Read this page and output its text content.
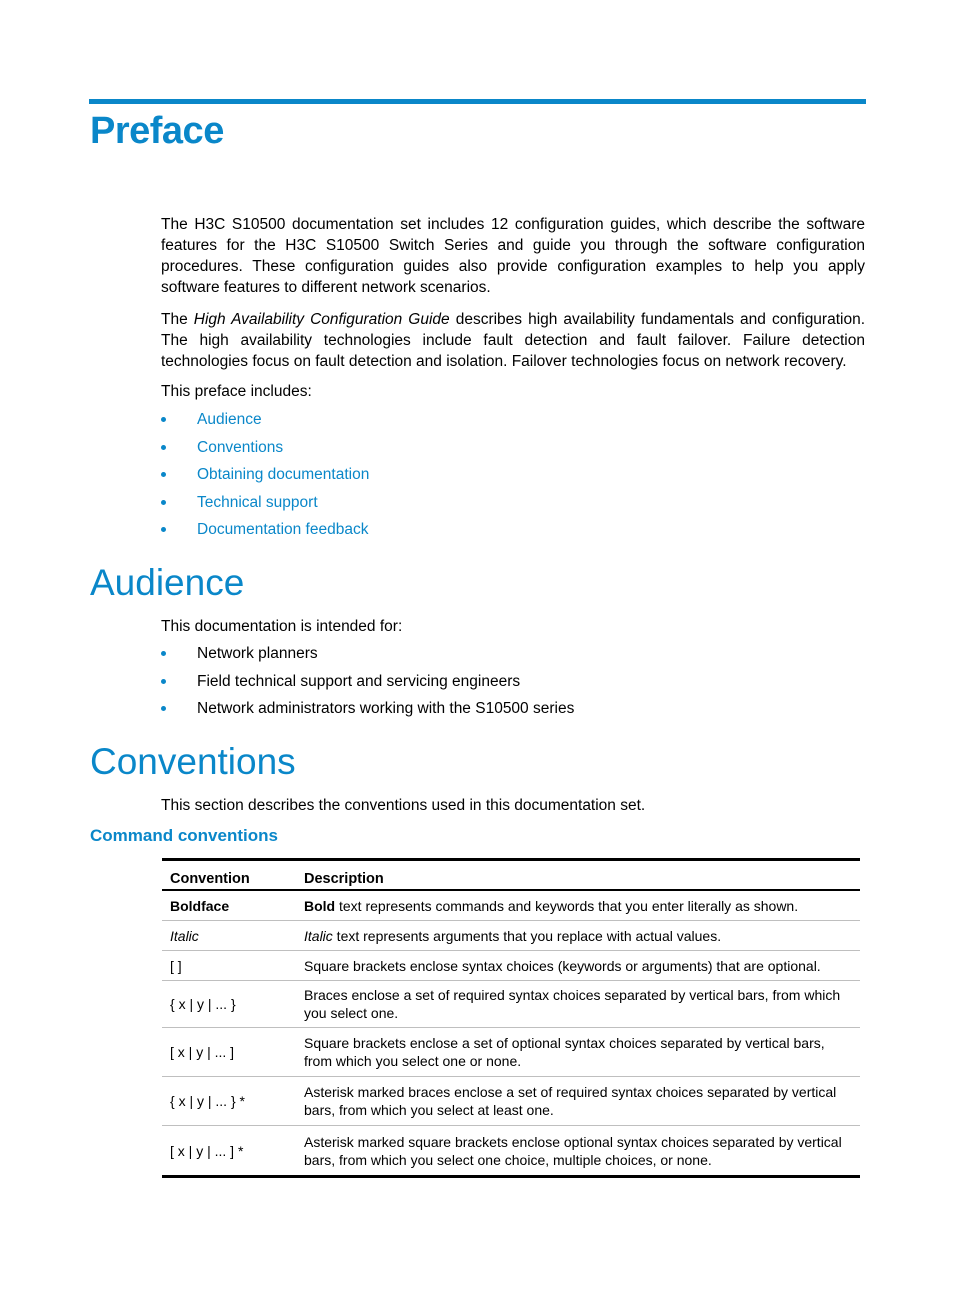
Preface

The H3C S10500 documentation set includes 12 configuration guides, which describe the software features for the H3C S10500 Switch Series and guide you through the software configuration procedures. These configuration guides also provide configuration examples to help you apply software features to different network scenarios.

The High Availability Configuration Guide describes high availability fundamentals and configuration. The high availability technologies include fault detection and fault failover. Failure detection technologies focus on fault detection and isolation. Failover technologies focus on network recovery.

This preface includes:

Audience
Conventions
Obtaining documentation
Technical support
Documentation feedback
Audience

This documentation is intended for:

Network planners
Field technical support and servicing engineers
Network administrators working with the S10500 series
Conventions

This section describes the conventions used in this documentation set.

Command conventions
Convention	Description
Boldface	Bold text represents commands and keywords that you enter literally as shown.
Italic	Italic text represents arguments that you replace with actual values.
[ ]	Square brackets enclose syntax choices (keywords or arguments) that are optional.
{ x | y | ... }	Braces enclose a set of required syntax choices separated by vertical bars, from which you select one.
[ x | y | ... ]	Square brackets enclose a set of optional syntax choices separated by vertical bars, from which you select one or none.
{ x | y | ... } *	Asterisk marked braces enclose a set of required syntax choices separated by vertical bars, from which you select at least one.
[ x | y | ... ] *	Asterisk marked square brackets enclose optional syntax choices separated by vertical bars, from which you select one choice, multiple choices, or none.
